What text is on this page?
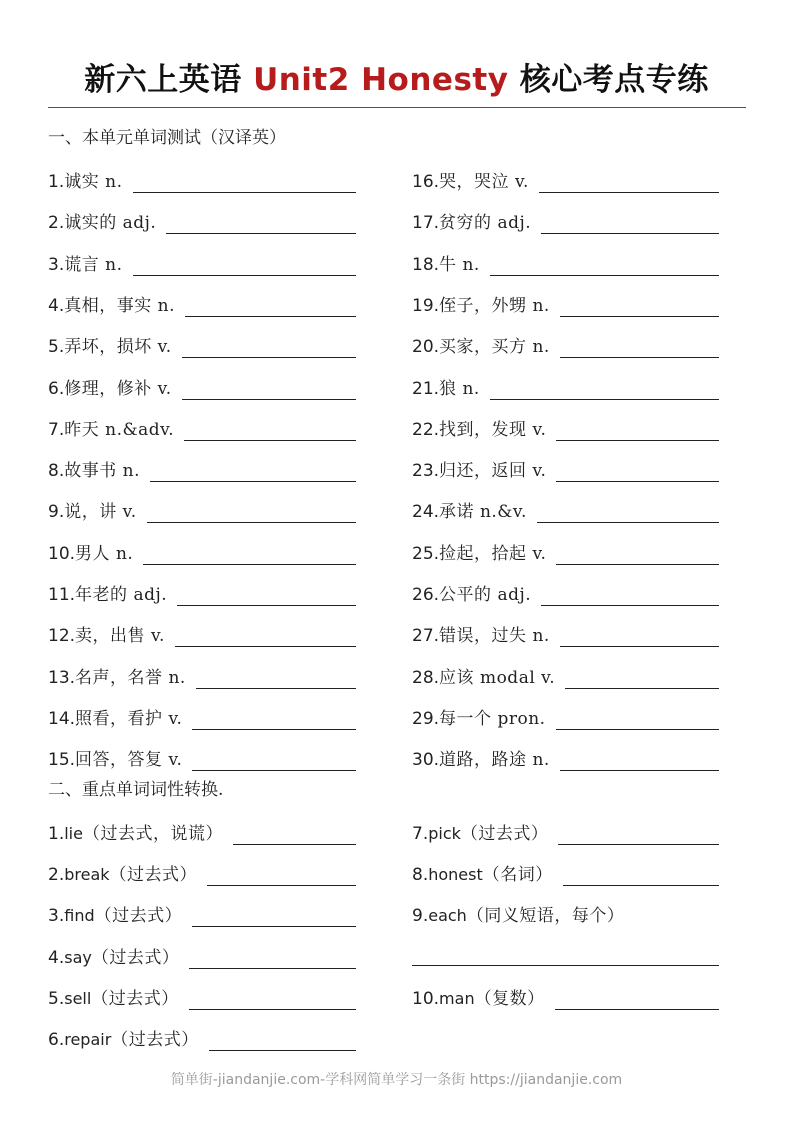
新六上英语 Unit2 Honesty 核心考点专练
一、本单元单词测试（汉译英）
1. 诚实 n.
2. 诚实的 adj.
3. 谎言 n.
4. 真相，事实 n.
5. 弄坏，损坏 v.
6. 修理，修补 v.
7. 昨天 n.&adv.
8. 故事书 n.
9. 说，讲 v.
10. 男人 n.
11. 年老的 adj.
12. 卖，出售 v.
13. 名声，名誉 n.
14. 照看，看护 v.
15. 回答，答复 v.
16. 哭，哭泣 v.
17. 贫穷的 adj.
18. 牛 n.
19. 侄子，外甥 n.
20. 买家，买方 n.
21. 狼 n.
22. 找到，发现 v.
23. 归还，返回 v.
24. 承诺 n.&v.
25. 捡起，拾起 v.
26. 公平的 adj.
27. 错误，过失 n.
28. 应该 modal v.
29. 每一个 pron.
30. 道路，路途 n.
二、重点单词词性转换.
1. lie （过去式，说谎）
2. break （过去式）
3. find （过去式）
4. say （过去式）
5. sell （过去式）
6. repair （过去式）
7. pick （过去式）
8. honest （名词）
9. each （同义短语，每个）
10. man （复数）
简单街-jiandanjie.com-学科网简单学习一条街 https://jiandanjie.com
